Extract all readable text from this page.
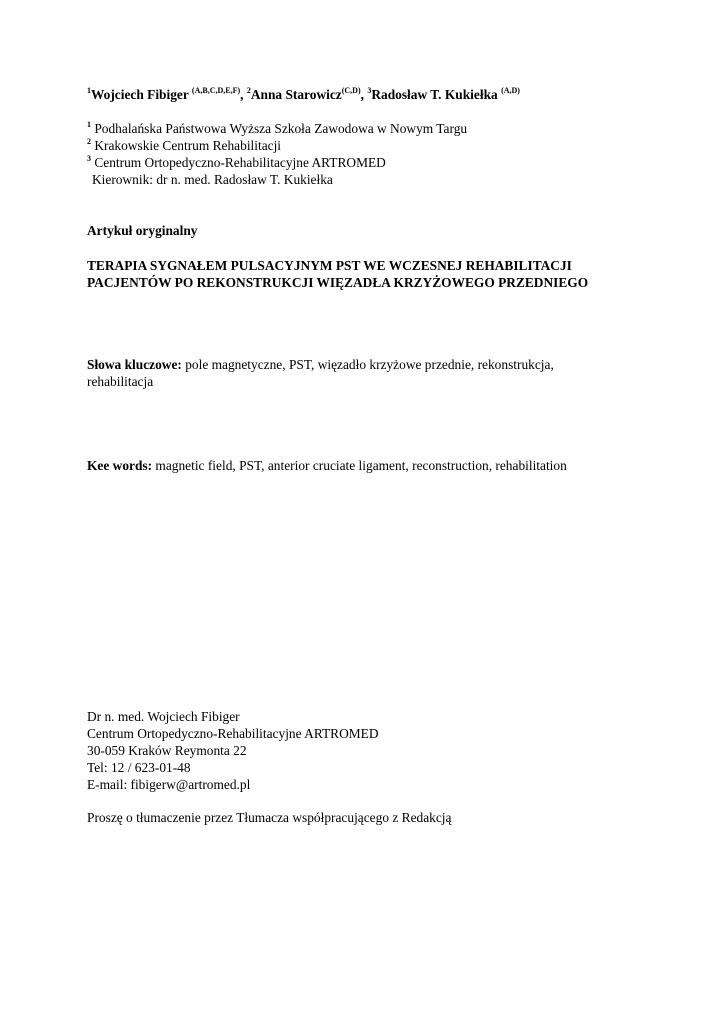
$^1$Wojciech Fibiger $^{(A,B,C,D,E,F)}$, $^2$Anna Starowicz$^{(C,D)}$, $^3$Radosław T. Kukiełka $^{(A,D)}$
$^1$ Podhalańska Państwowa Wyższa Szkoła Zawodowa w Nowym Targu
$^2$ Krakowskie Centrum Rehabilitacji
$^3$ Centrum Ortopedyczno-Rehabilitacyjne ARTROMED
Kierownik: dr n. med. Radosław T. Kukiełka
Artykuł oryginalny
TERAPIA SYGNAŁEM PULSACYJNYM PST WE WCZESNEJ REHABILITACJI
PACJENTÓW PO REKONSTRUKCJI WIĘZADŁA KRZYŻOWEGO PRZEDNIEGO
Słowa kluczowe: pole magnetyczne, PST, więzadło krzyżowe przednie, rekonstrukcja,
rehabilitacja
Kee words: magnetic field, PST, anterior cruciate ligament, reconstruction, rehabilitation
Dr n. med. Wojciech Fibiger
Centrum Ortopedyczno-Rehabilitacyjne ARTROMED
30-059 Kraków Reymonta 22
Tel: 12 / 623-01-48
E-mail: fibigerw@artromed.pl
Proszę o tłumaczenie przez Tłumacza współpracującego z Redakcją
